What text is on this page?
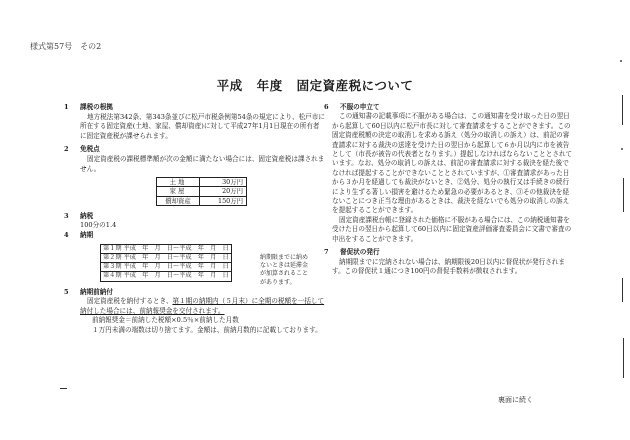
様式第57号　その2
平成 年度 固定資産税について

1	課税の根拠

地方税法第342条、第343条並びに松戸市税条例第54条の規定により、松戸市に所在する固定資産(土地、家屋、償却資産)に対して平成27年1月1日現在の所有者に固定資産税が課せられます。

2	免税点

固定資産税の課税標準額が次の金額に満たない場合には、固定資産税は課されません。

土地	30万円
家屋	20万円
償却資産	150万円

3	納税

100分の1.4

4	納期

第１期 平成　年　月　日～平成　年　月　日
第２期 平成　年　月　日～平成　年　月　日
第３期 平成　年　月　日～平成　年　月　日
第４期 平成　年　月　日～平成　年　月　日
納期限までに納めないときは延滞金が加算されることがあります。

5	納期前納付

固定資産税を納付するとき、第１期の納期内（５月末）に全期の税額を一括して納付した場合には、前納報奨金を交付されます。

前納報奨金＝前納した税額×0.5％×前納した月数

１万円未満の端数は切り捨てます。金額は、前納月数的に記載しております。

6	不服の申立て

この通知書の記載事項に不服がある場合は、この通知書を受け取った日の翌日から起算して60日以内に松戸市長に対して審査請求をすることができます。この固定資産税額の決定の取消しを求める訴え（処分の取消しの訴え）は、前記の審査請求に対する裁決の送達を受けた日の翌日から起算して６か月以内に市を被告として（市長が被告の代表者となります。）提起しなければならないこととされています。なお、処分の取消しの訴えは、前記の審査請求に対する裁決を経た後でなければ提起することができないこととされていますが、①審査請求があった日から３か月を経過しても裁決がないとき、②処分、処分の執行又は手続きの続行により生ずる著しい損害を避けるため緊急の必要があるとき、③その他裁決を経ないことにつき正当な理由があるときは、裁決を経ないでも処分の取消しの訴えを提起することができます。

固定資産課税台帳に登録された価格に不服がある場合には、この納税通知書を受けた日の翌日から起算して60日以内に固定資産評価審査委員会に文書で審査の申出をすることができます。

7	督促状の発行

納期限までに完納されない場合は、納期限後20日以内に督促状が発行されます。この督促状１通につき100円の督促手数料が徴収されます。

裏面に続く
